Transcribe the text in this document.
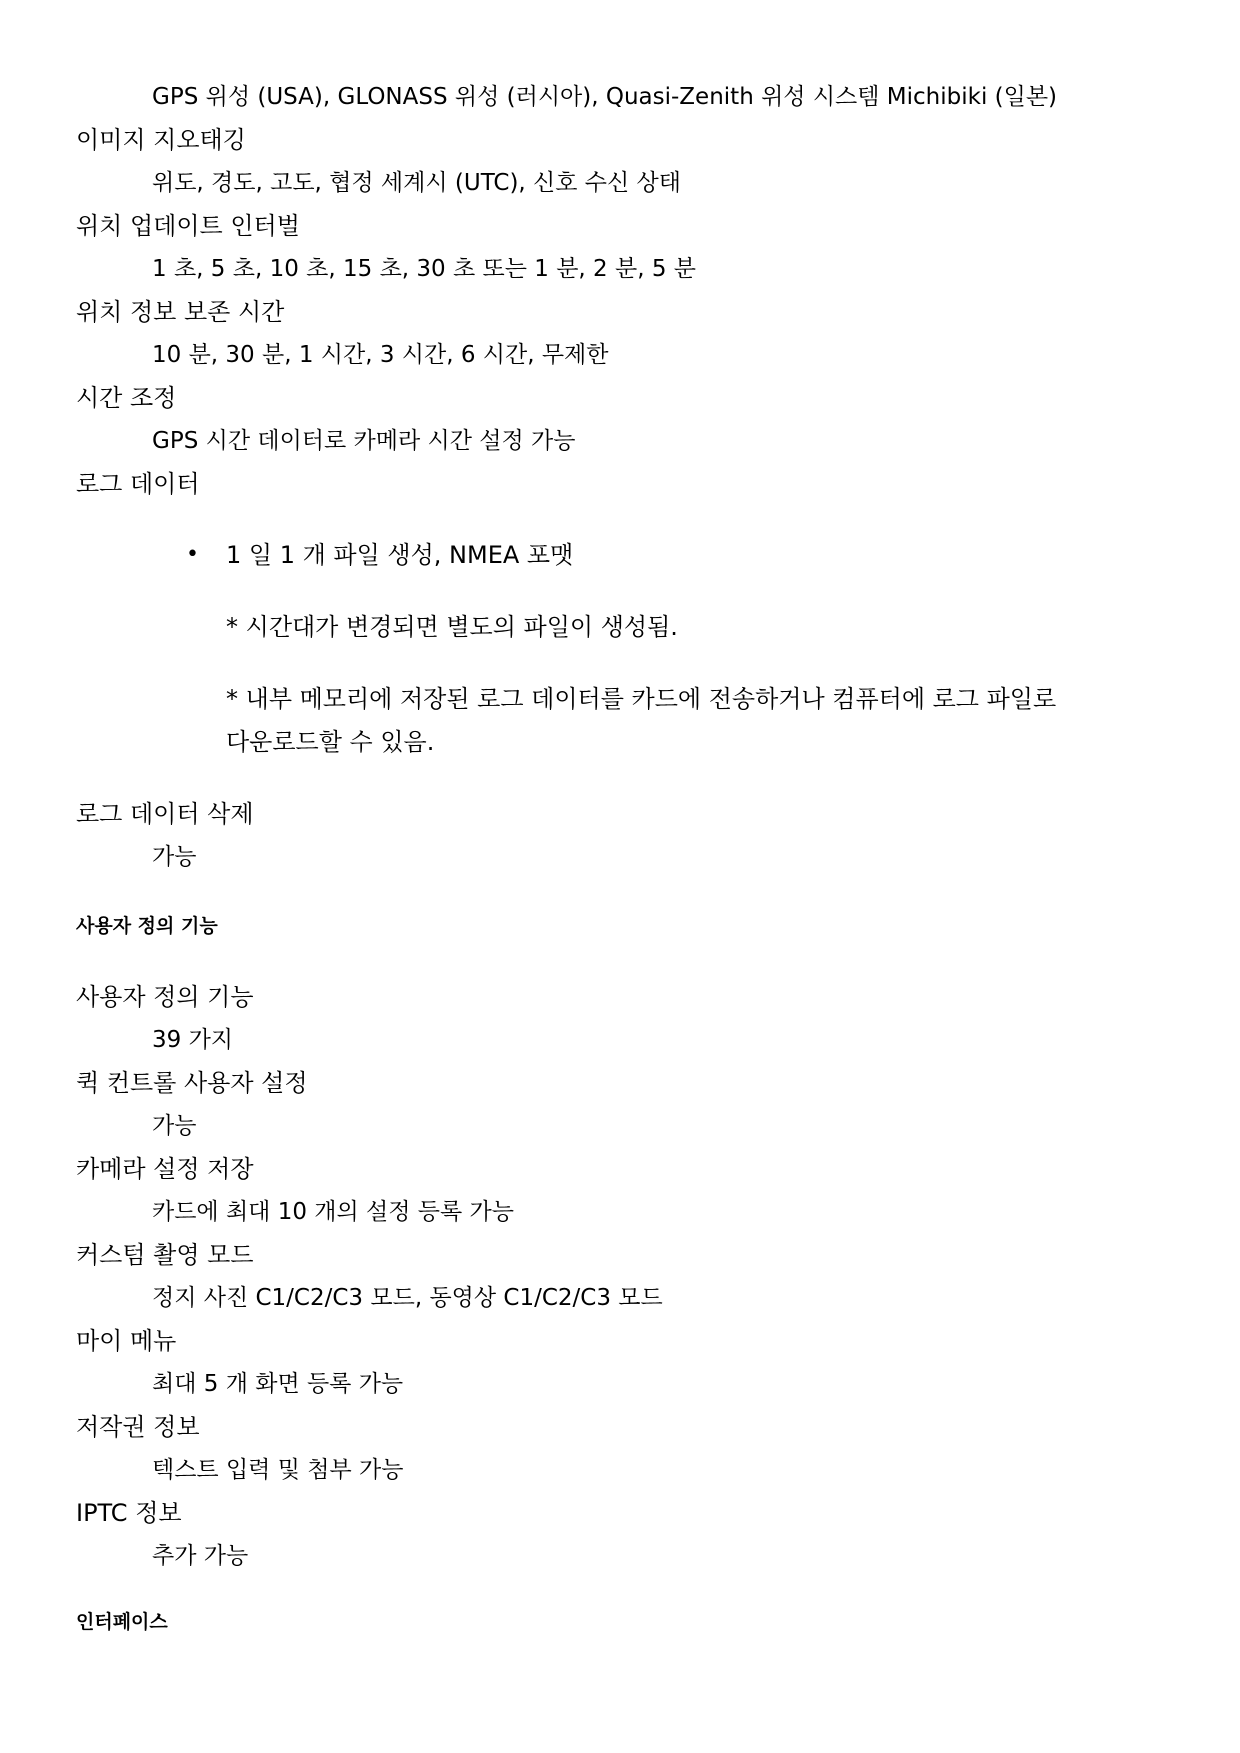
GPS 위성 (USA), GLONASS 위성 (러시아), Quasi-Zenith 위성 시스템 Michibiki (일본)
이미지 지오태깅
위도, 경도, 고도, 협정 세계시 (UTC), 신호 수신 상태
위치 업데이트 인터벌
1 초, 5 초, 10 초, 15 초, 30 초 또는 1 분, 2 분, 5 분
위치 정보 보존 시간
10 분, 30 분, 1 시간, 3 시간, 6 시간, 무제한
시간 조정
GPS 시간 데이터로 카메라 시간 설정 가능
로그 데이터
• 1 일 1 개 파일 생성, NMEA 포맷
* 시간대가 변경되면 별도의 파일이 생성됨.
* 내부 메모리에 저장된 로그 데이터를 카드에 전송하거나 컴퓨터에 로그 파일로
다운로드할 수 있음.
로그 데이터 삭제
가능
사용자 정의 기능
사용자 정의 기능
39 가지
퀵 컨트롤 사용자 설정
가능
카메라 설정 저장
카드에 최대 10 개의 설정 등록 가능
커스텀 촬영 모드
정지 사진 C1/C2/C3 모드, 동영상 C1/C2/C3 모드
마이 메뉴
최대 5 개 화면 등록 가능
저작권 정보
텍스트 입력 및 첨부 가능
IPTC 정보
추가 가능
인터페이스
